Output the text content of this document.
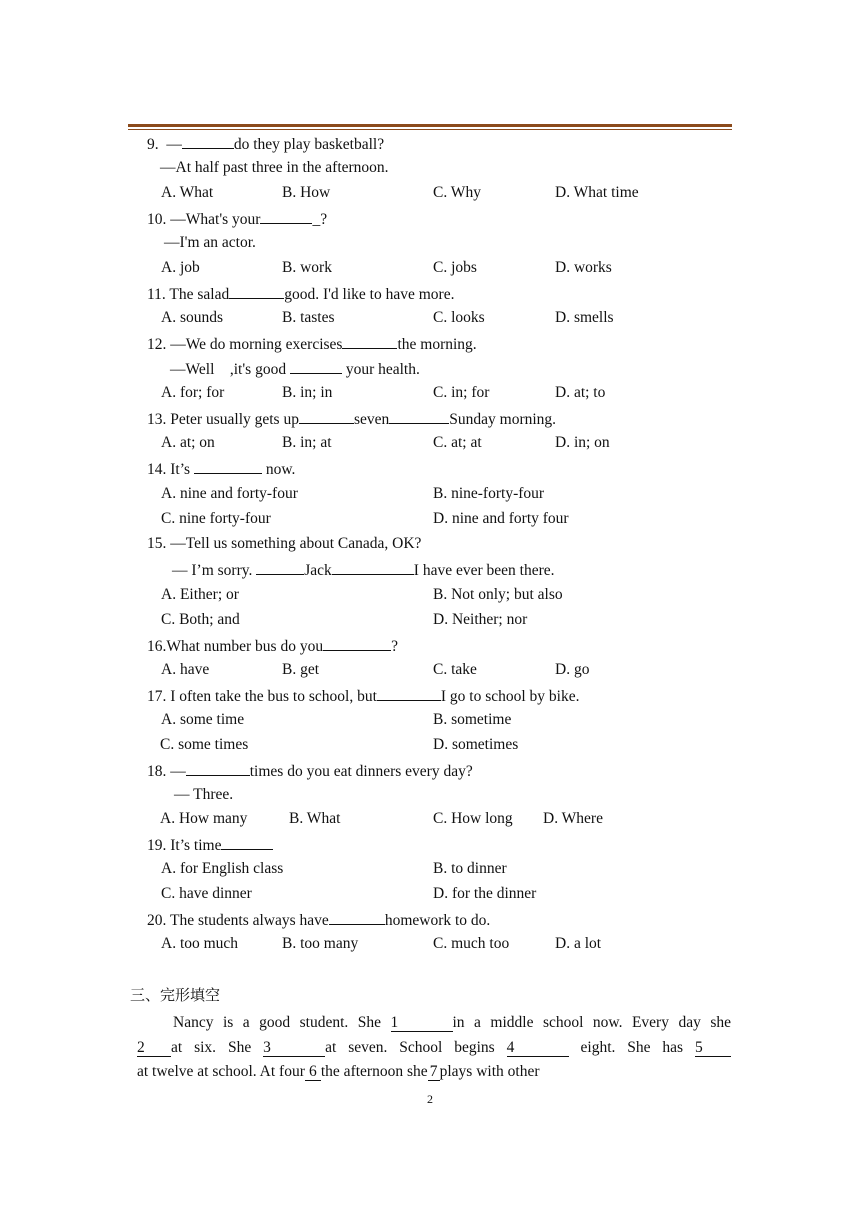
9. —	do they play basketball?
—At half past three in the afternoon.
A. What	B. How	C. Why	D. What time
10. —What's your	_?
—I'm an actor.
A. job	B. work	C. jobs	D. works
11. The salad	good. I'd like to have more.
A. sounds	B. tastes	C. looks	D. smells
12. —We do morning exercises	the morning.
—Well    ,it's good	your health.
A. for; for	B. in; in	C. in; for	D. at; to
13. Peter usually gets up	seven	Sunday morning.
A. at; on	B. in; at	C. at; at	D. in; on
14. It’s	now.
A. nine and forty-four	B. nine-forty-four
C. nine forty-four	D. nine and forty four
15. —Tell us something about Canada, OK?
— I’m sorry.	Jack	I have ever been there.
A. Either; or	B. Not only; but also
C. Both; and	D. Neither; nor
16.What number bus do you	?
A. have	B. get	C. take	D. go
17. I often take the bus to school, but	I go to school by bike.
A. some time	B. sometime
C. some times	D. sometimes
18. —	times do you eat dinners every day?
— Three.
A. How many	B. What	C. How long D. Where
19. It’s time
A. for English class	B. to dinner
C. have dinner	D. for the dinner
20. The students always have	homework to do.
A. too much	B. too many	C. much too	D. a lot
三、完形填空
Nancy is a good student. She 1	in a middle school now. Every day she
2 at six. She 3	at seven. School begins 4	eight. She has 5
at twelve at school. At four 6 the afternoon she 7 plays with other
2
